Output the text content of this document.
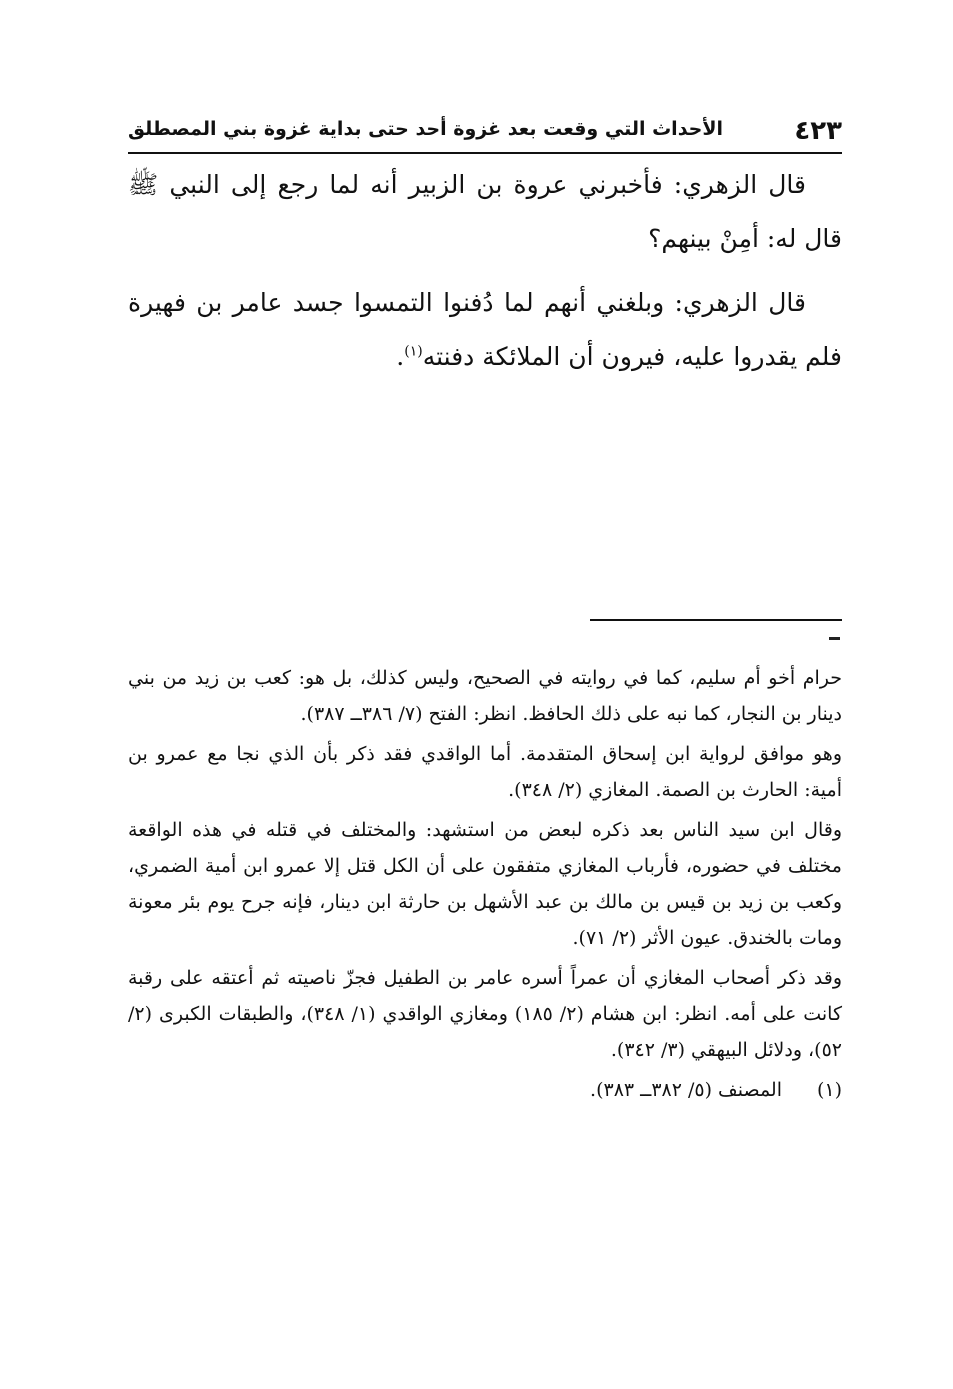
٤٢٣
الأحداث التي وقعت بعد غزوة أحد حتى بداية غزوة بني المصطلق

قال الزهري: فأخبرني عروة بن الزبير أنه لما رجع إلى النبي ﷺ قال له: أمِنْ بينهم؟

قال الزهري: وبلغني أنهم لما دُفنوا التمسوا جسد عامر بن فهيرة فلم يقدروا عليه، فيرون أن الملائكة دفنته$^{(١)}$.

حرام أخو أم سليم، كما في روايته في الصحيح، وليس كذلك، بل هو: كعب بن زيد من بني دينار بن النجار، كما نبه على ذلك الحافظ. انظر: الفتح (٧/ ٣٨٦ــ ٣٨٧).

وهو موافق لرواية ابن إسحاق المتقدمة. أما الواقدي فقد ذكر بأن الذي نجا مع عمرو بن أمية: الحارث بن الصمة. المغازي (٢/ ٣٤٨).

وقال ابن سيد الناس بعد ذكره لبعض من استشهد: والمختلف في قتله في هذه الواقعة مختلف في حضوره، فأرباب المغازي متفقون على أن الكل قتل إلا عمرو ابن أمية الضمري، وكعب بن زيد بن قيس بن مالك بن عبد الأشهل بن حارثة ابن دينار، فإنه جرح يوم بئر معونة ومات بالخندق. عيون الأثر (٢/ ٧١).

وقد ذكر أصحاب المغازي أن عمراً أسره عامر بن الطفيل فجزّ ناصيته ثم أعتقه على رقبة كانت على أمه. انظر: ابن هشام (٢/ ١٨٥) ومغازي الواقدي (١/ ٣٤٨)، والطبقات الكبرى (٢/ ٥٢)، ودلائل البيهقي (٣/ ٣٤٢).

(١)
المصنف (٥/ ٣٨٢ــ ٣٨٣).
